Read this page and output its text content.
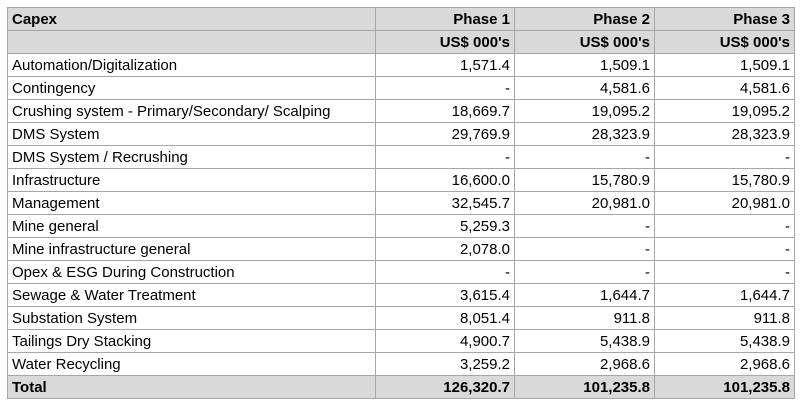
Capex	Phase 1	Phase 2	Phase 3
	US$ 000's	US$ 000's	US$ 000's
Automation/Digitalization	1,571.4	1,509.1	1,509.1
Contingency	-	4,581.6	4,581.6
Crushing system - Primary/Secondary/ Scalping	18,669.7	19,095.2	19,095.2
DMS System	29,769.9	28,323.9	28,323.9
DMS System / Recrushing	-	-	-
Infrastructure	16,600.0	15,780.9	15,780.9
Management	32,545.7	20,981.0	20,981.0
Mine general	5,259.3	-	-
Mine infrastructure general	2,078.0	-	-
Opex & ESG During Construction	-	-	-
Sewage & Water Treatment	3,615.4	1,644.7	1,644.7
Substation System	8,051.4	911.8	911.8
Tailings Dry Stacking	4,900.7	5,438.9	5,438.9
Water Recycling	3,259.2	2,968.6	2,968.6
Total	126,320.7	101,235.8	101,235.8
